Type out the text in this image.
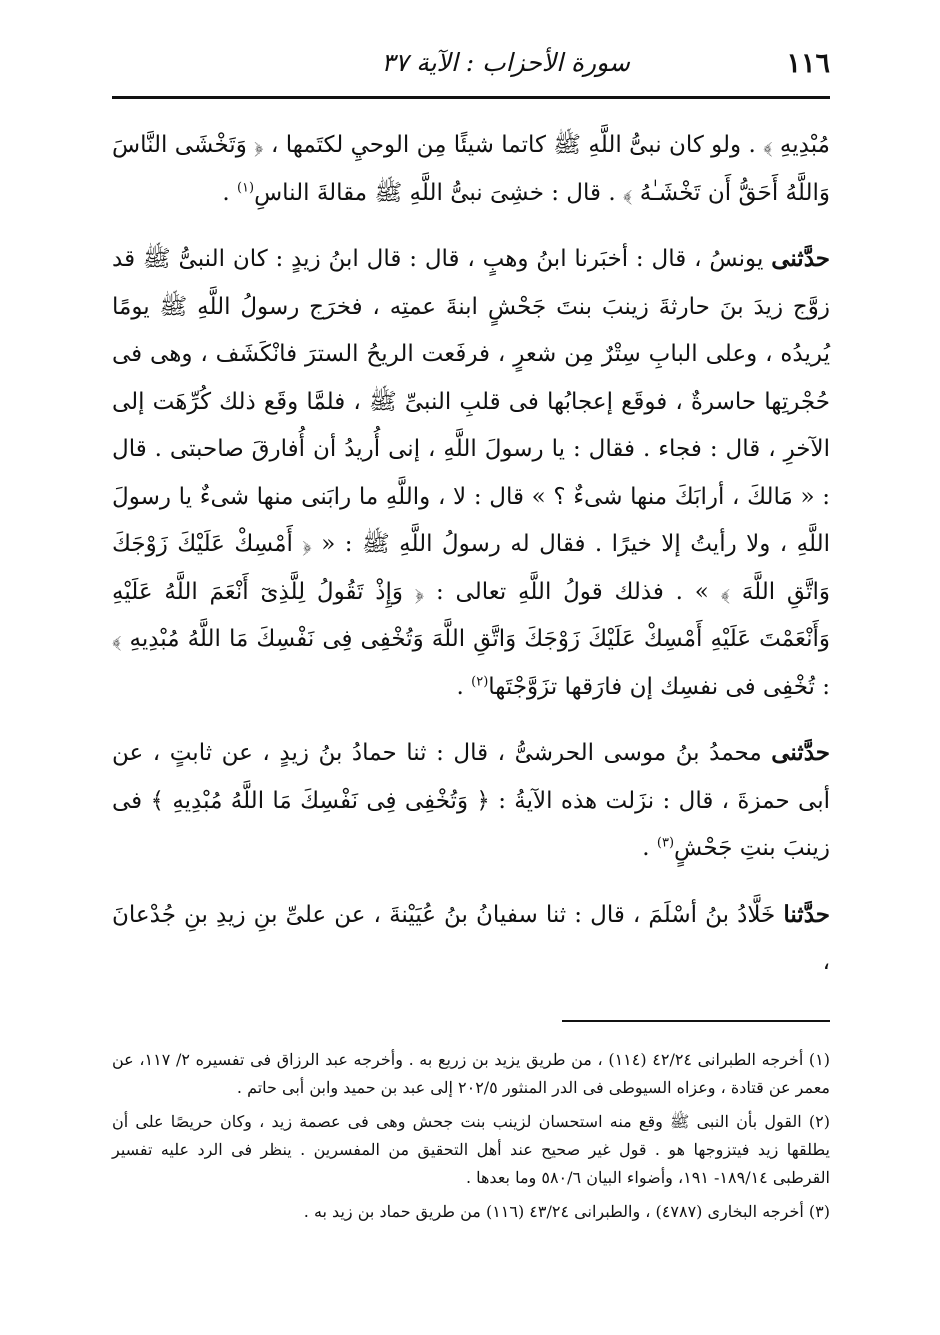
١١٦
سورة الأحزاب : الآية ٣٧

مُبْدِيهِ ﴾ . ولو كان نبىُّ اللَّهِ ﷺ كاتما شيئًا مِن الوحيِ لكتَمها ، ﴿ وَتَخْشَى النَّاسَ وَاللَّهُ أَحَقُّ أَن تَخْشَـٰهُ ﴾ . قال : خشِىَ نبىُّ اللَّهِ ﷺ مقالةَ الناسِ$^{(١)}$ .

حدَّثنى يونسُ ، قال : أخبَرنا ابنُ وهبٍ ، قال : قال ابنُ زيدٍ : كان النبىُّ ﷺ قد زوَّج زيدَ بنَ حارثةَ زينبَ بنتَ جَحْشٍ ابنةَ عمتِه ، فخرَج رسولُ اللَّهِ ﷺ يومًا يُريدُه ، وعلى البابِ سِتْرٌ مِن شعرٍ ، فرفَعت الريحُ السترَ فانْكَشَف ، وهى فى حُجْرتِها حاسرةٌ ، فوقَع إعجابُها فى قلبِ النبىِّ ﷺ ، فلمَّا وقَع ذلك كُرِّهَت إلى الآخرِ ، قال : فجاء . فقال : يا رسولَ اللَّهِ ، إنى أُريدُ أن أُفارقَ صاحبتى . قال : « مَالكَ ، أرابَكَ منها شىءٌ ؟ » قال : لا ، واللَّهِ ما رابَنى منها شىءٌ يا رسولَ اللَّهِ ، ولا رأيتُ إلا خيرًا . فقال له رسولُ اللَّهِ ﷺ : « ﴿ أَمْسِكْ عَلَيْكَ زَوْجَكَ وَاتَّقِ اللَّهَ ﴾ » . فذلك قولُ اللَّهِ تعالى : ﴿ وَإِذْ تَقُولُ لِلَّذِىٓ أَنْعَمَ اللَّهُ عَلَيْهِ وَأَنْعَمْتَ عَلَيْهِ أَمْسِكْ عَلَيْكَ زَوْجَكَ وَاتَّقِ اللَّهَ وَتُخْفِى فِى نَفْسِكَ مَا اللَّهُ مُبْدِيهِ ﴾ : تُخْفِى فى نفسِك إن فارَقها تزَوَّجْتَها$^{(٢)}$ .

حدَّثنى محمدُ بنُ موسى الحرشىُّ ، قال : ثنا حمادُ بنُ زيدٍ ، عن ثابتٍ ، عن أبى حمزةَ ، قال : نزَلت هذه الآيةُ : ﴿ وَتُخْفِى فِى نَفْسِكَ مَا اللَّهُ مُبْدِيهِ ﴾ فى زينبَ بنتِ جَحْشٍ$^{(٣)}$ .

حدَّثنا خَلَّادُ بنُ أسْلَمَ ، قال : ثنا سفيانُ بنُ عُيَيْنةَ ، عن علىِّ بنِ زيدِ بنِ جُدْعانَ ،

(١) أخرجه الطبرانى ٤٢/٢٤ (١١٤) ، من طريق يزيد بن زريع به . وأخرجه عبد الرزاق فى تفسيره ٢/ ١١٧، عن معمر عن قتادة ، وعزاه السيوطى فى الدر المنثور ٢٠٢/٥ إلى عبد بن حميد وابن أبى حاتم .

(٢) القول بأن النبى ﷺ وقع منه استحسان لزينب بنت جحش وهى فى عصمة زيد ، وكان حريصًا على أن يطلقها زيد فيتزوجها هو . قول غير صحيح عند أهل التحقيق من المفسرين . ينظر فى الرد عليه تفسير القرطبى ١٨٩/١٤- ١٩١، وأضواء البيان ٥٨٠/٦ وما بعدها .

(٣) أخرجه البخارى (٤٧٨٧) ، والطبرانى ٤٣/٢٤ (١١٦) من طريق حماد بن زيد به .
